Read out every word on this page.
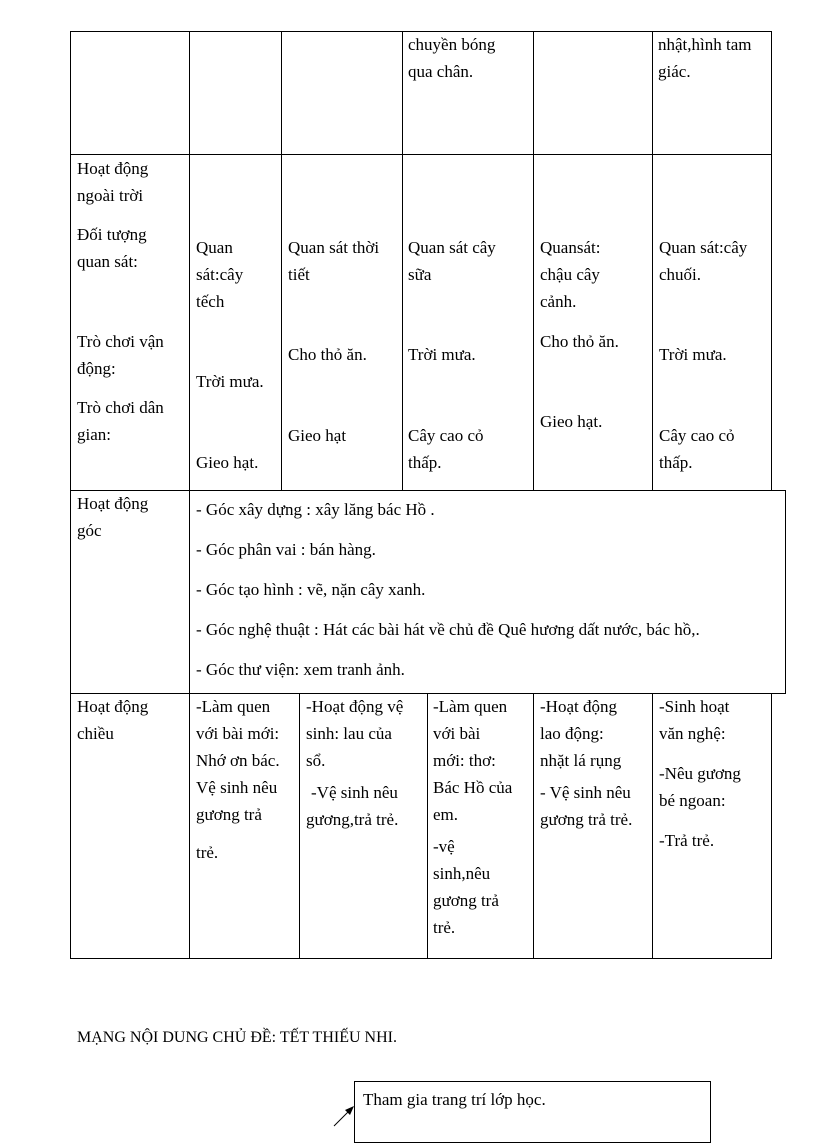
chuyền bóng
qua chân.
nhật,hình tam
giác.
Hoạt động
ngoài trời
Đối tượng
quan sát:
Trò chơi vận
động:
Trò chơi dân
gian:
Quan
sát:cây
tếch
Trời mưa.
Gieo hạt.
Quan sát thời
tiết
Cho thỏ ăn.
Gieo hạt
Quan sát cây
sữa
Trời mưa.
Cây cao cỏ
thấp.
Quansát:
chậu cây
cảnh.
Cho thỏ ăn.
Gieo hạt.
Quan sát:cây
chuối.
Trời mưa.
Cây cao cỏ
thấp.
Hoạt động
góc
- Góc xây dựng : xây lăng bác Hồ .
- Góc phân vai : bán hàng.
- Góc tạo hình : vẽ, nặn cây xanh.
- Góc nghệ thuật : Hát các bài hát về chủ đề Quê hương dất nước, bác hồ,.
- Góc thư viện: xem tranh ảnh.
Hoạt động
chiều
-Làm quen
với bài mới:
Nhớ ơn bác.
Vệ sinh nêu
gương trả
trẻ.
-Hoạt động vệ
sinh: lau của
sổ.
-Vệ sinh nêu
gương,trả trẻ.
-Làm quen
với bài
mới: thơ:
Bác Hồ của
em.
-vệ
sinh,nêu
gương trả
trẻ.
-Hoạt động
lao động:
nhặt lá rụng
- Vệ sinh nêu
gương trả trẻ.
-Sinh hoạt
văn nghệ:
-Nêu gương
bé ngoan:
-Trả trẻ.
MẠNG NỘI DUNG CHỦ ĐỀ: TẾT THIẾU NHI.
Tham gia trang trí lớp học.
